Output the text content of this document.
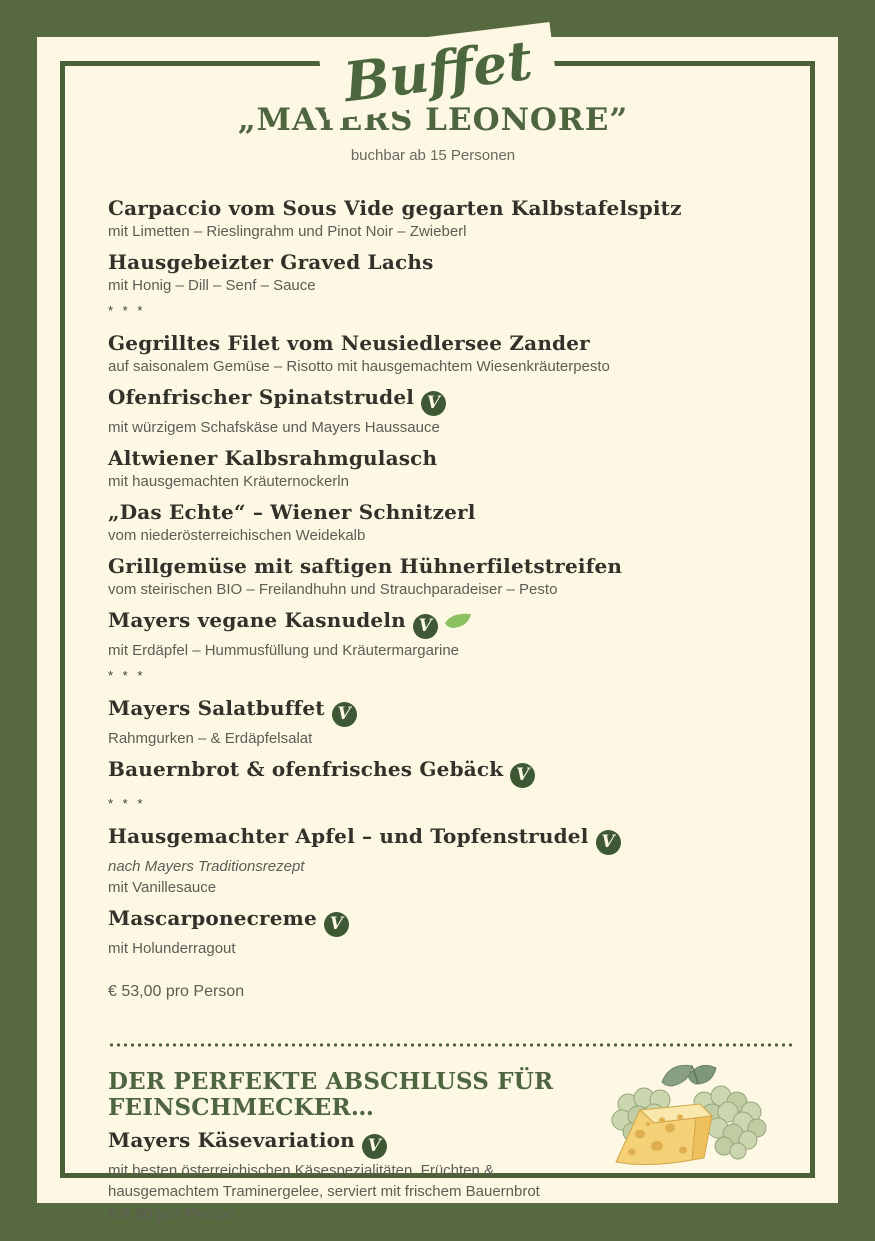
Buffet
„MAYERS LEONORE”
buchbar ab 15 Personen
Carpaccio vom Sous Vide gegarten Kalbstafelspitz
mit Limetten – Rieslingrahm und Pinot Noir – Zwieberl
Hausgebeizter Graved Lachs
mit Honig – Dill – Senf – Sauce
* * *
Gegrilltes Filet vom Neusiedlersee Zander
auf saisonalem Gemüse – Risotto mit hausgemachtem Wiesenkräuterpesto
Ofenfrischer Spinatstrudel V
mit würzigem Schafskäse und Mayers Haussauce
Altwiener Kalbsrahmgulasch
mit hausgemachten Kräuternockerln
„Das Echte“ – Wiener Schnitzerl
vom niederösterreichischen Weidekalb
Grillgemüse mit saftigen Hühnerfiletstreifen
vom steirischen BIO – Freilandhuhn und Strauchparadeiser – Pesto
Mayers vegane Kasnudeln V
mit Erdäpfel – Hummusfüllung und Kräutermargarine
* * *
Mayers Salatbuffet V
Rahmgurken – & Erdäpfelsalat
Bauernbrot & ofenfrisches Gebäck V
* * *
Hausgemachter Apfel – und Topfenstrudel V
nach Mayers Traditionsrezept
mit Vanillesauce
Mascarponecreme V
mit Holunderragout
€ 53,00 pro Person
DER PERFEKTE ABSCHLUSS FÜR FEINSCHMECKER…
Mayers Käsevariation V
mit besten österreichischen Käsespezialitäten, Früchten &
hausgemachtem Traminergelee, serviert mit frischem Bauernbrot
€ 8,90 pro Person
